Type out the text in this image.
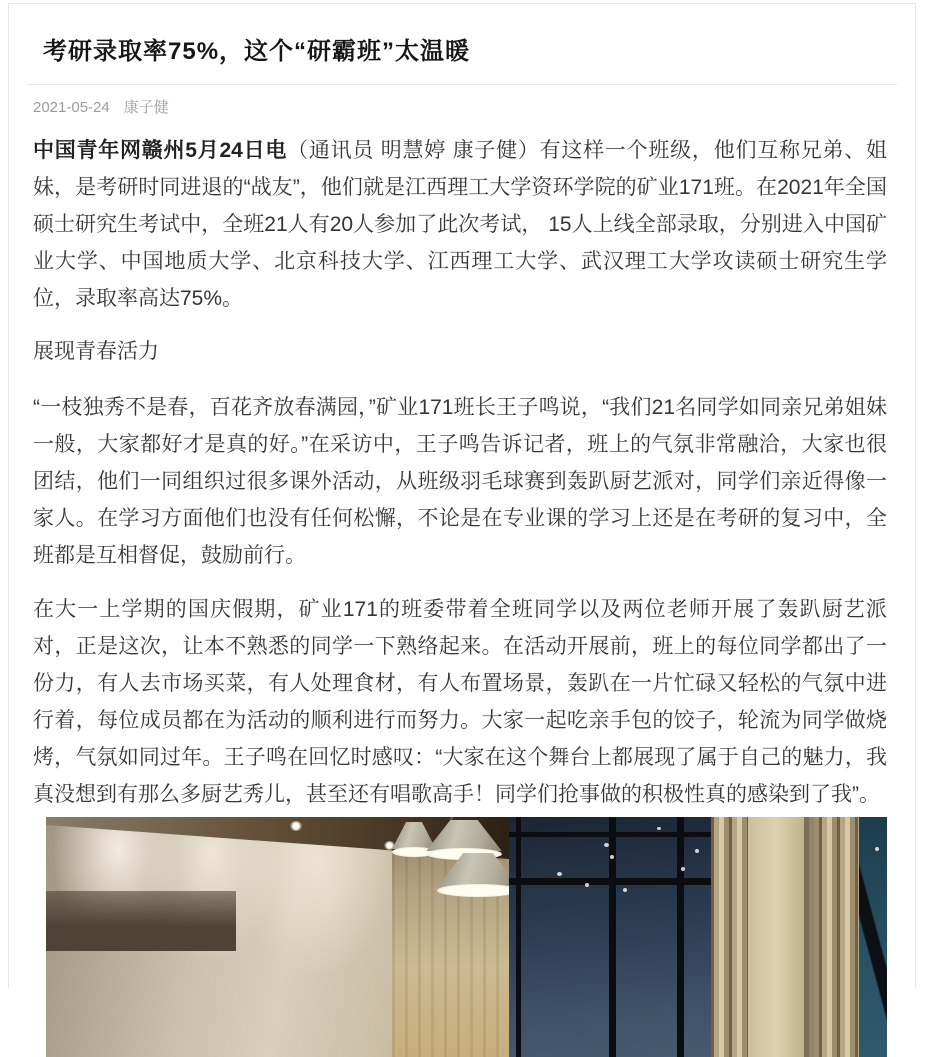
考研录取率75%，这个“研霸班”太温暖
2021-05-24 康子健

中国青年网赣州5月24日电（通讯员 明慧婷 康子健）有这样一个班级，他们互称兄弟、姐妹，是考研时同进退的“战友”，他们就是江西理工大学资环学院的矿业171班。在2021年全国硕士研究生考试中，全班21人有20人参加了此次考试， 15人上线全部录取，分别进入中国矿业大学、中国地质大学、北京科技大学、江西理工大学、武汉理工大学攻读硕士研究生学位，录取率高达75%。

展现青春活力

“一枝独秀不是春，百花齐放春满园，”矿业171班长王子鸣说，“我们21名同学如同亲兄弟姐妹一般，大家都好才是真的好。”在采访中，王子鸣告诉记者，班上的气氛非常融洽，大家也很团结，他们一同组织过很多课外活动，从班级羽毛球赛到轰趴厨艺派对，同学们亲近得像一家人。在学习方面他们也没有任何松懈，不论是在专业课的学习上还是在考研的复习中，全班都是互相督促，鼓励前行。

在大一上学期的国庆假期，矿业171的班委带着全班同学以及两位老师开展了轰趴厨艺派对，正是这次，让本不熟悉的同学一下熟络起来。在活动开展前，班上的每位同学都出了一份力，有人去市场买菜，有人处理食材，有人布置场景，轰趴在一片忙碌又轻松的气氛中进行着，每位成员都在为活动的顺利进行而努力。大家一起吃亲手包的饺子，轮流为同学做烧烤，气氛如同过年。王子鸣在回忆时感叹：“大家在这个舞台上都展现了属于自己的魅力，我真没想到有那么多厨艺秀儿，甚至还有唱歌高手！同学们抢事做的积极性真的感染到了我”。
